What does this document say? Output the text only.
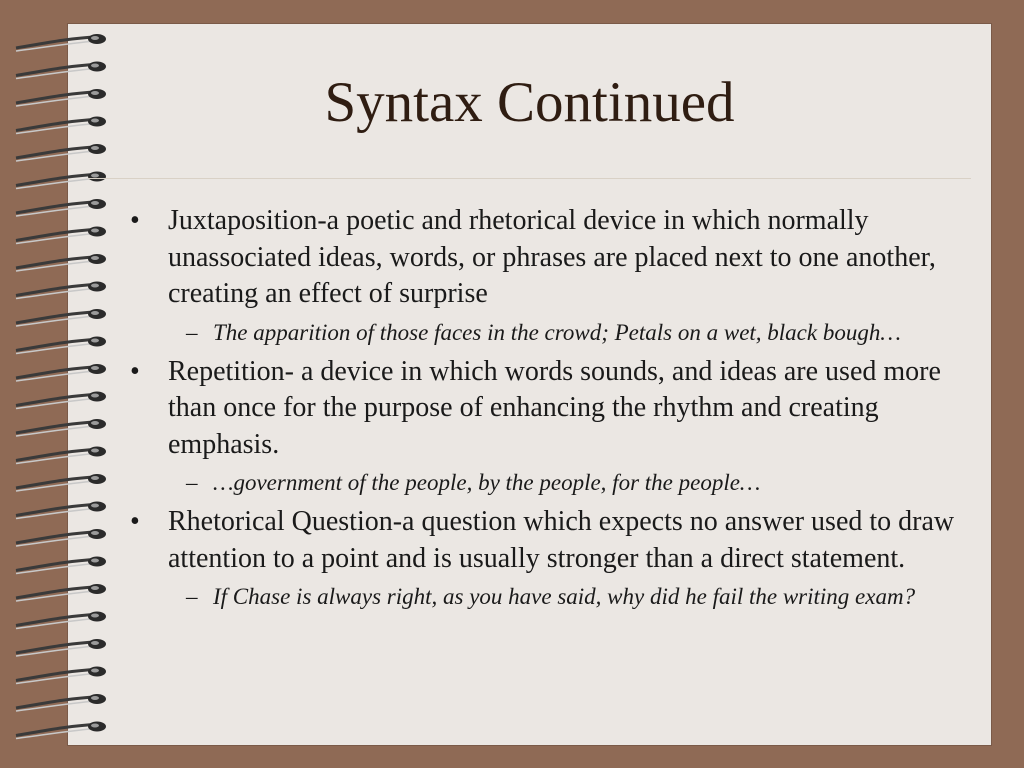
Syntax Continued
• Juxtaposition-a poetic and rhetorical device in which normally unassociated ideas, words, or phrases are placed next to one another, creating an effect of surprise
– The apparition of those faces in the crowd; Petals on a wet, black bough…
• Repetition- a device in which words sounds, and ideas are used more than once for the purpose of enhancing the rhythm and creating emphasis.
– …government of the people, by the people, for the people…
• Rhetorical Question-a question which expects no answer used to draw attention to a point and is usually stronger than a direct statement.
– If Chase is always right, as you have said, why did he fail the writing exam?
